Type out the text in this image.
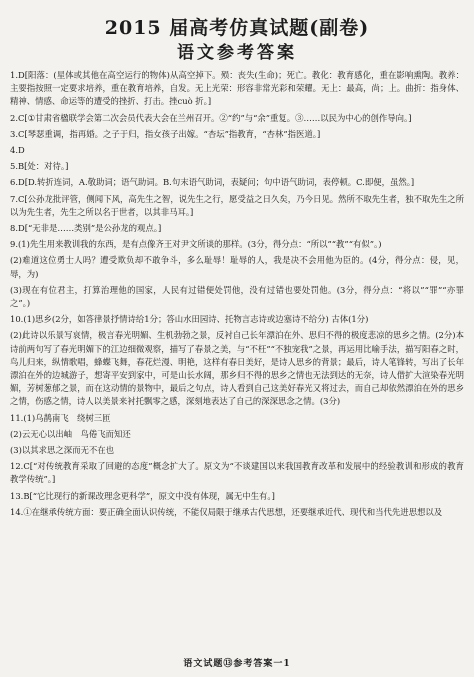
2015 届高考仿真试题(副卷)
语文参考答案

1.D[阳落：(星体或其他在高空运行的物体)从高空掉下。殒：丧失(生命)；死亡。教化：教育感化，重在影响熏陶。教养：主要指按照一定要求培养，重在教育培养，自发。无上光荣：形容非常光彩和荣耀。无上：最高，尚；上。曲折：指身体、精神、情感、命运等的遭受的挫折、打击。挫cuò 折。]

2.C[①甘肃省楹联学会第二次会员代表大会在兰州召开。②“约”与“余”重复。③……以民为中心的创作导向。]

3.C[琴瑟重调，指再婚。之子于归，指女孩子出嫁。“杏坛”指教育，“杏林”指医道。]

4.D

5.B[处：对待。]

6.D[D.转折连词，A.敬助词；语气助词。B.句末语气助词，表疑问；句中语气助词，表停顿。C.即便，虽然。]

7.C[公孙龙批评管，侧闻下风，高先生之智，说先生之行，愿受益之日久矣，乃今日见。然所不取先生者，独不取先生之所以为先生者，先生之所以名于世者，以其非马耳。]

8.D[“无非是……类别”是公孙龙的观点。]

9.(1)先生用来教训我的东西，是有点像齐王对尹文所谈的那样。(3分，得分点：“所以”“教”“有似”。)

(2)难道这位勇士人吗？遭受欺负却不敢争斗，多么耻辱！耻辱的人，我是决不会用他为臣的。(4分，得分点：侵，见，辱，为)

(3)现在有位君主，打算治理他的国家，人民有过错便处罚他，没有过错也要处罚他。(3分，得分点：“将以”“罪”“亦罪之”。)

10.(1)思乡(2分，如答律景抒情诗给1分；答山水田园诗、托物言志诗或边塞诗不给分) 古体(1分)

(2)此诗以乐景写哀情，极言春光明媚、生机勃勃之景，反衬自己长年漂泊在外、思归不得的极度悲凉的思乡之情。(2分)本诗前两句写了春光明媚下的江边细微观察，描写了春景之美，与“不枉”“不独宠我”之景，再运用比喻手法，描写阳春之时，鸟儿归来，纵情歌唱，蜂蝶飞舞，春花烂漫、明艳，这样有春日美好，是诗人思乡的背景；最后，诗人笔锋转，写出了长年漂泊在外的边城游子，想寄平安到家中，可是山长水阔，那乡归不得的思乡之情也无法到达的无奈，诗人借扩大渲染春光明媚，芳树葱郁之景，而在这动情的景物中，最后之句点，诗人看到自己这美好春光又将过去，而自己却依然漂泊在外的思乡之情，伤感之情，诗人以美景来衬托飘零之感，深刻地表达了自己的深深思念之情。(3分)

11.(1)乌鹊南飞　绕树三匝

(2)云无心以出岫　鸟倦飞而知还

(3)以其求思之深而无不在也

12.C[“对传统教育采取了回避的态度”概念扩大了。原文为“不谈建国以来我国教育改革和发展中的经验教训和形成的教育教学传统”。]

13.B[“它比现行的新课改理念更科学”，原文中没有体现，属无中生有。]

14.①在继承传统方面：要正确全面认识传统，不能仅局限于继承古代思想，还要继承近代、现代和当代先进思想以及

语文试题⑬参考答案一1
